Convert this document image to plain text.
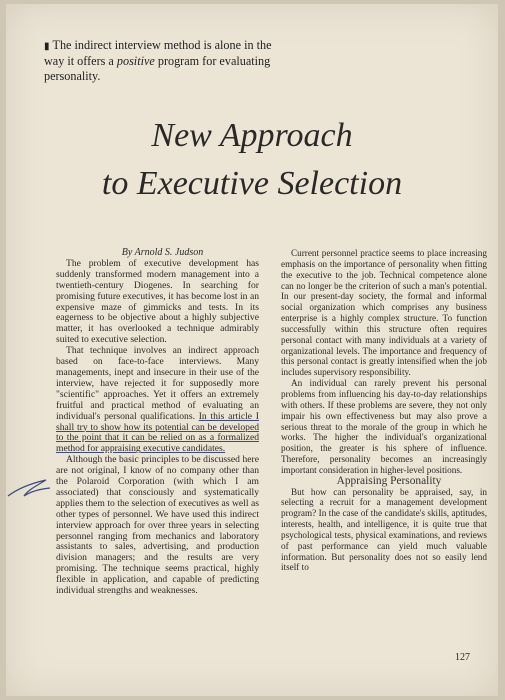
▮ The indirect interview method is alone in the way it offers a positive program for evaluating personality.
New Approach
to Executive Selection

By Arnold S. Judson

The problem of executive development has suddenly transformed modern management into a twentieth-century Diogenes. In searching for promising future executives, it has become lost in an expensive maze of gimmicks and tests. In its eagerness to be objective about a highly subjective matter, it has overlooked a technique admirably suited to executive selection.

That technique involves an indirect approach based on face-to-face interviews. Many managements, inept and insecure in their use of the interview, have rejected it for supposedly more "scientific" approaches. Yet it offers an extremely fruitful and practical method of evaluating an individual's personal qualifications. In this article I shall try to show how its potential can be developed to the point that it can be relied on as a formalized method for appraising executive candidates.

Although the basic principles to be discussed here are not original, I know of no company other than the Polaroid Corporation (with which I am associated) that consciously and systematically applies them to the selection of executives as well as other types of personnel. We have used this indirect interview approach for over three years in selecting personnel ranging from mechanics and laboratory assistants to sales, advertising, and production division managers; and the results are very promising. The technique seems practical, highly flexible in application, and capable of predicting individual strengths and weaknesses.

Current personnel practice seems to place increasing emphasis on the importance of personality when fitting the executive to the job. Technical competence alone can no longer be the criterion of such a man's potential. In our present-day society, the formal and informal social organization which comprises any business enterprise is a highly complex structure. To function successfully within this structure often requires personal contact with many individuals at a variety of organizational levels. The importance and frequency of this personal contact is greatly intensified when the job includes supervisory responsibility.

An individual can rarely prevent his personal problems from influencing his day-to-day relationships with others. If these problems are severe, they not only impair his own effectiveness but may also prove a serious threat to the morale of the group in which he works. The higher the individual's organizational position, the greater is his sphere of influence. Therefore, personality becomes an increasingly important consideration in higher-level positions.

Appraising Personality

But how can personality be appraised, say, in selecting a recruit for a management development program? In the case of the candidate's skills, aptitudes, interests, health, and intelligence, it is quite true that psychological tests, physical examinations, and reviews of past performance can yield much valuable information. But personality does not so easily lend itself to

127
